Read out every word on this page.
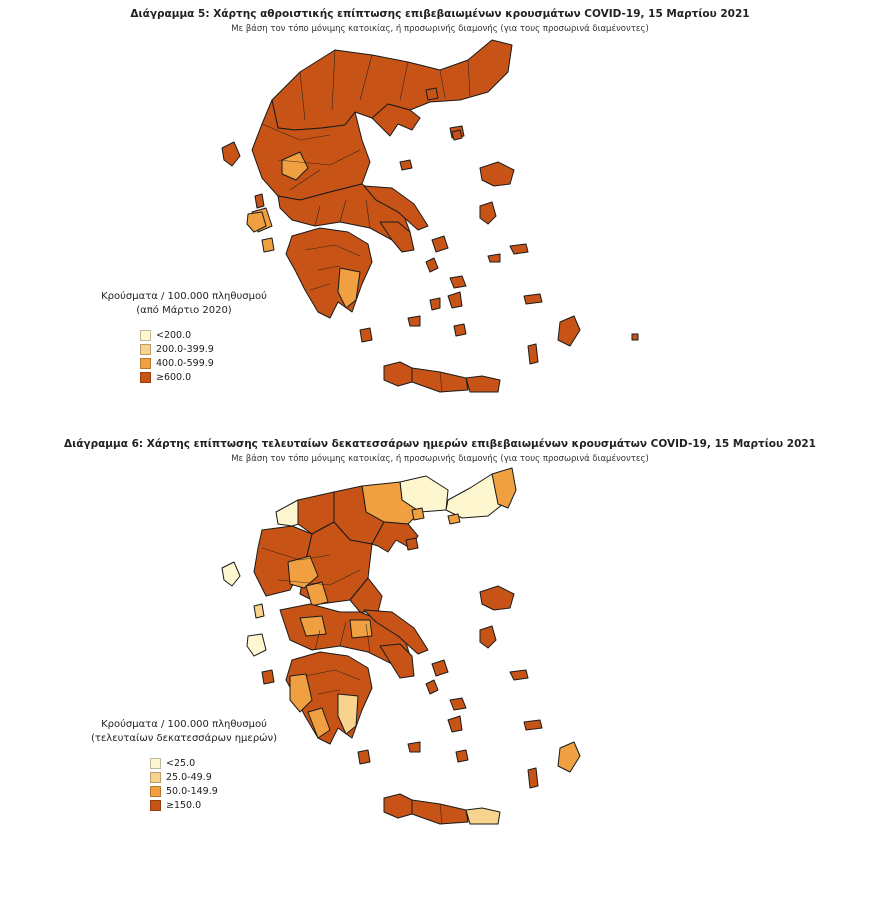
Διάγραμμα 5: Χάρτης αθροιστικής επίπτωσης επιβεβαιωμένων κρουσμάτων COVID-19, 15 Μαρτίου 2021
Με βάση τον τόπο μόνιμης κατοικίας, ή προσωρινής διαμονής (για τους προσωρινά διαμένοντες)
Κρούσματα / 100.000 πληθυσμού
(από Μάρτιο 2020)
<200.0
200.0-399.9
400.0-599.9
≥600.0
Διάγραμμα 6: Χάρτης επίπτωσης τελευταίων δεκατεσσάρων ημερών επιβεβαιωμένων κρουσμάτων COVID-19, 15 Μαρτίου 2021
Με βάση τον τόπο μόνιμης κατοικίας, ή προσωρινής διαμονής (για τους προσωρινά διαμένοντες)
Κρούσματα / 100.000 πληθυσμού
(τελευταίων δεκατεσσάρων ημερών)
<25.0
25.0-49.9
50.0-149.9
≥150.0
